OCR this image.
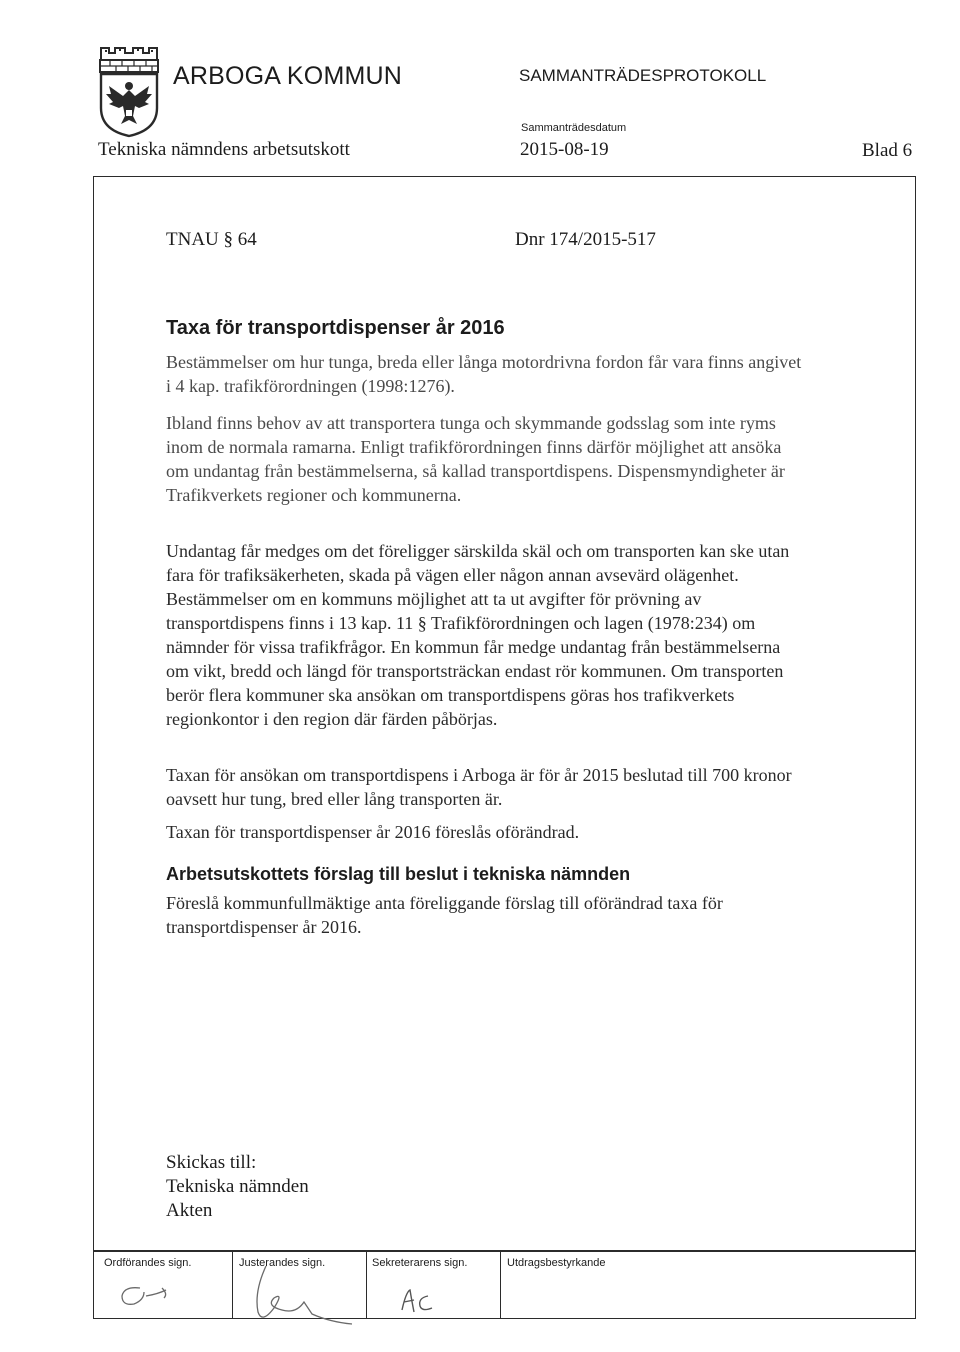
ARBOGA KOMMUN	SAMMANTRÄDESPROTOKOLL
Tekniska nämndens arbetsutskott
Sammanträdesdatum
2015-08-19	Blad 6
TNAU § 64	Dnr 174/2015-517
Taxa för transportdispenser år 2016

Bestämmelser om hur tunga, breda eller långa motordrivna fordon får vara finns angivet i 4 kap. trafikförordningen (1998:1276).

Ibland finns behov av att transportera tunga och skymmande godsslag som inte ryms inom de normala ramarna. Enligt trafikförordningen finns därför möjlighet att ansöka om undantag från bestämmelserna, så kallad transportdispens. Dispensmyndigheter är Trafikverkets regioner och kommunerna.

Undantag får medges om det föreligger särskilda skäl och om transporten kan ske utan fara för trafiksäkerheten, skada på vägen eller någon annan avsevärd olägenhet. Bestämmelser om en kommuns möjlighet att ta ut avgifter för prövning av transportdispens finns i 13 kap. 11 § Trafikförordningen och lagen (1978:234) om nämnder för vissa trafikfrågor. En kommun får medge undantag från bestämmelserna om vikt, bredd och längd för transportsträckan endast rör kommunen. Om transporten berör flera kommuner ska ansökan om transportdispens göras hos trafikverkets regionkontor i den region där färden påbörjas.

Taxan för ansökan om transportdispens i Arboga är för år 2015 beslutad till 700 kronor oavsett hur tung, bred eller lång transporten är.

Taxan för transportdispenser år 2016 föreslås oförändrad.

Arbetsutskottets förslag till beslut i tekniska nämnden

Föreslå kommunfullmäktige anta föreliggande förslag till oförändrad taxa för transportdispenser år 2016.

Skickas till:
Tekniska nämnden
Akten
Ordförandes sign.	Justerandes sign.	Sekreterarens sign.	Utdragsbestyrkande
